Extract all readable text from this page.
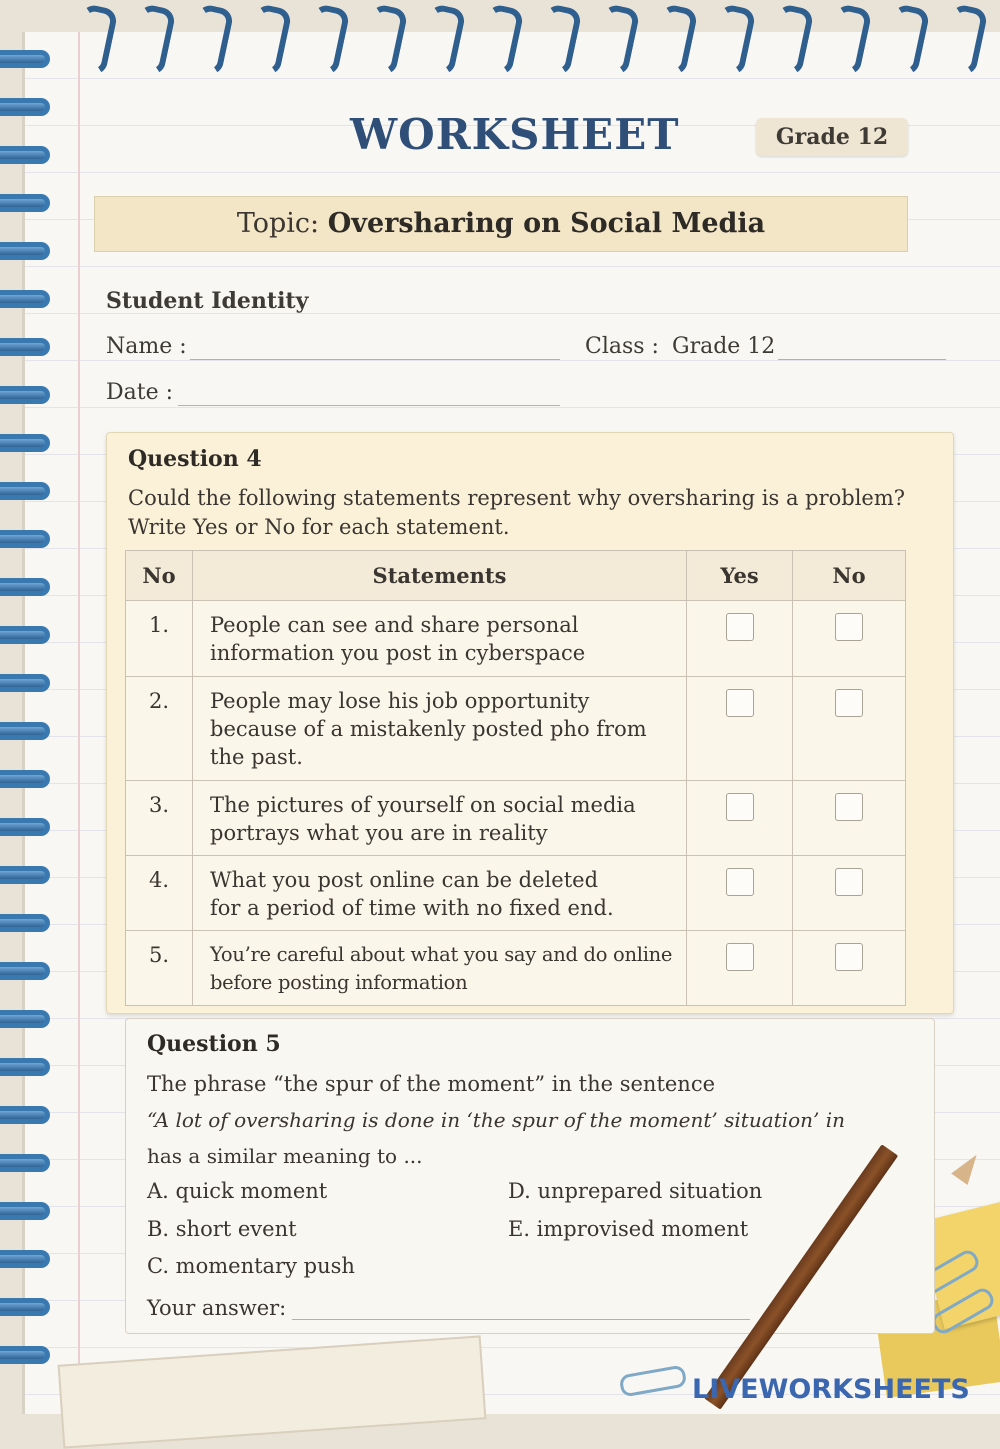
WORKSHEET	Grade 12
Topic: Oversharing on Social Media
Student Identity
Name :	Class : Grade 12
Date :
Question 4
Could the following statements represent why oversharing is a problem?
Write Yes or No for each statement.
No	Statements	Yes	No
1.	People can see and share personal
information you post in cyberspace		

2.	People may lose his job opportunity
because of a mistakenly posted pho from
the past.		

3.	The pictures of yourself on social media
portrays what you are in reality		

4.	What you post online can be deleted
for a period of time with no fixed end.		

5.	You’re careful about what you say and do online
before posting information		

Question 5
The phrase “the spur of the moment” in the sentence
“A lot of oversharing is done in ‘the spur of the moment’ situation’ in
has a similar meaning to ...
A. quick moment
B. short event
C. momentary push
D. unprepared situation
E. improvised moment
Your answer:
LIVEWORKSHEETS
